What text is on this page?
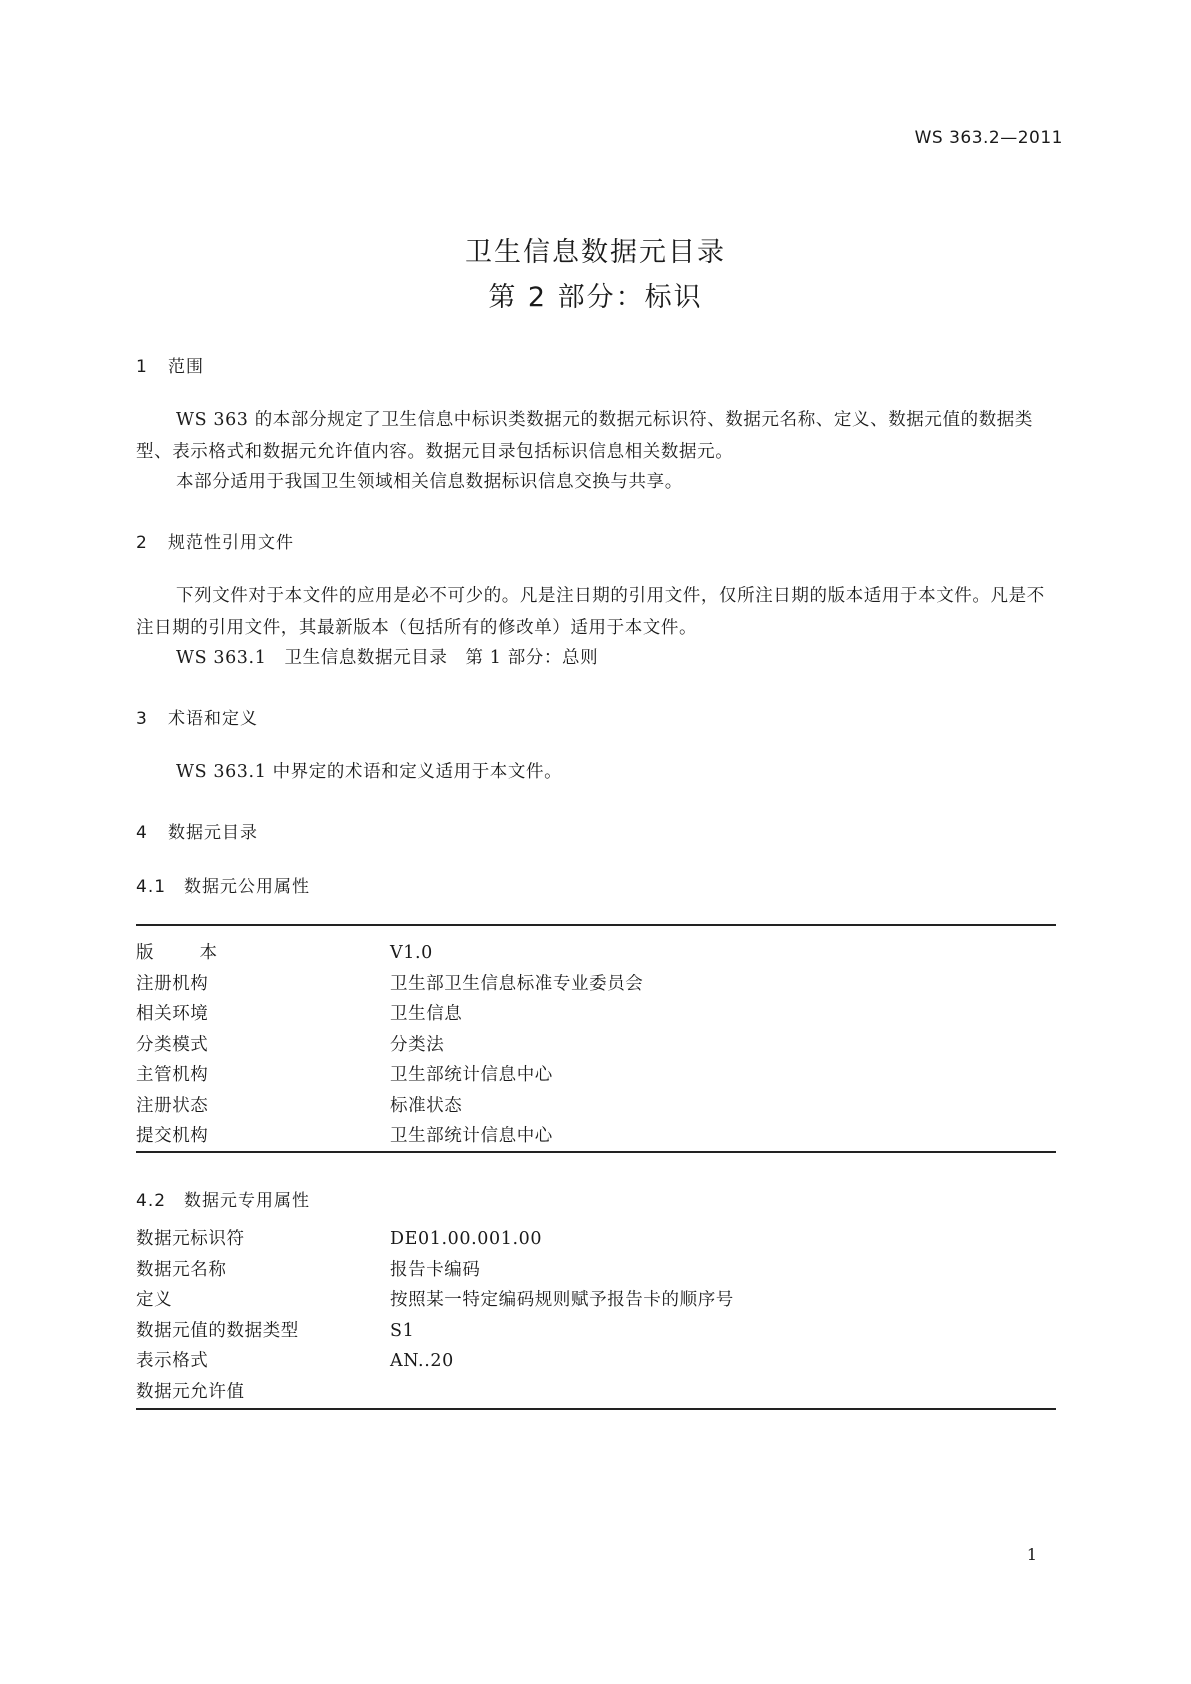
WS 363.2—2011
卫生信息数据元目录
第 2 部分：标识
1 范围
WS 363 的本部分规定了卫生信息中标识类数据元的数据元标识符、数据元名称、定义、数据元值的数据类型、表示格式和数据元允许值内容。数据元目录包括标识信息相关数据元。
本部分适用于我国卫生领域相关信息数据标识信息交换与共享。
2 规范性引用文件
下列文件对于本文件的应用是必不可少的。凡是注日期的引用文件，仅所注日期的版本适用于本文件。凡是不注日期的引用文件，其最新版本（包括所有的修改单）适用于本文件。
WS 363.1　卫生信息数据元目录　第 1 部分：总则
3 术语和定义
WS 363.1 中界定的术语和定义适用于本文件。
4 数据元目录
4.1 数据元公用属性
版本	V1.0
注册机构	卫生部卫生信息标准专业委员会
相关环境	卫生信息
分类模式	分类法
主管机构	卫生部统计信息中心
注册状态	标准状态
提交机构	卫生部统计信息中心
4.2 数据元专用属性
数据元标识符	DE01.00.001.00
数据元名称	报告卡编码
定义	按照某一特定编码规则赋予报告卡的顺序号
数据元值的数据类型	S1
表示格式	AN..20
数据元允许值
1
